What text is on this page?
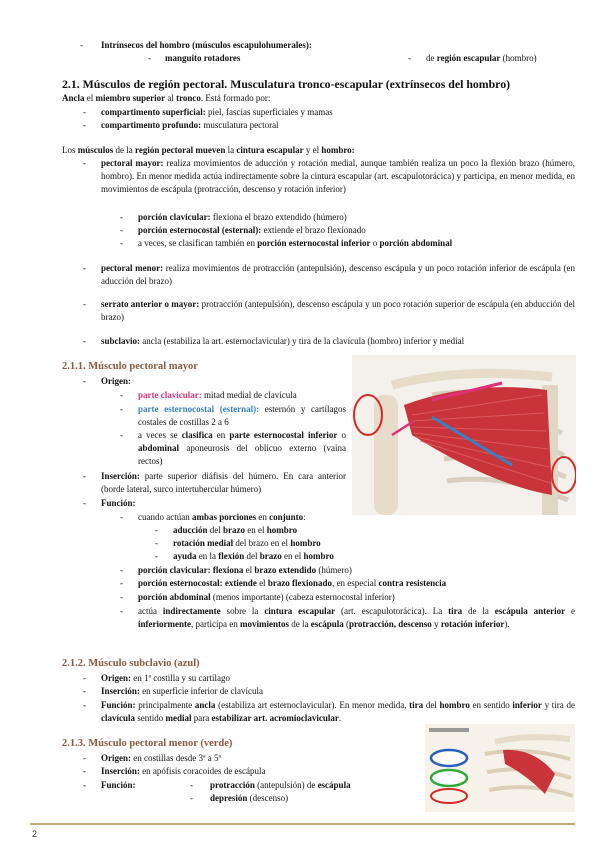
- Intrínsecos del hombro (músculos escapulohumerales):
- manguito rotadores	- de región escapular (hombro)
2.1. Músculos de región pectoral. Musculatura tronco-escapular (extrínsecos del hombro)
Ancla el miembro superior al tronco. Está formado por:
- compartimento superficial: piel, fascias superficiales y mamas
- compartimento profundo: musculatura pectoral
Los músculos de la región pectoral mueven la cintura escapular y el hombro:
- pectoral mayor: realiza movimientos de aducción y rotación medial, aunque también realiza un poco la flexión brazo (húmero, hombro). En menor medida actúa indirectamente sobre la cintura escapular (art. escapulotorácica) y participa, en menor medida, en movimientos de escápula (protracción, descenso y rotación inferior)
- porción clavicular: flexiona el brazo extendido (húmero)
- porción esternocostal (esternal): extiende el brazo flexionado
- a veces, se clasifican también en porción esternocostal inferior o porción abdominal
- pectoral menor: realiza movimientos de protracción (antepulsión), descenso escápula y un poco rotación inferior de escápula (en aducción del brazo)
- serrato anterior o mayor: protracción (antepulsión), descenso escápula y un poco rotación superior de escápula (en abducción del brazo)
- subclavio: ancla (estabiliza la art. esternoclavicular) y tira de la clavícula (hombro) inferior y medial
2.1.1. Músculo pectoral mayor
- Origen:
- parte clavicular: mitad medial de clavícula
- parte esternocostal (esternal): esternón y cartílagos costales de costillas 2 a 6
- a veces se clasifica en parte esternocostal inferior o abdominal aponeurosis del oblicuo externo (vaina rectos)
- Inserción: parte superior diáfisis del húmero. En cara anterior (borde lateral, surco intertubercular húmero)
- Función:
- cuando actúan ambas porciones en conjunto:
- aducción del brazo en el hombro
- rotación medial del brazo en el hombro
- ayuda en la flexión del brazo en el hombro
- porción clavicular: flexiona el brazo extendido (húmero)
- porción esternocostal: extiende el brazo flexionado, en especial contra resistencia
- porción abdominal (menos importante) (cabeza esternocostal inferior)
- actúa indirectamente sobre la cintura escapular (art. escapulotorácica). La tira de la escápula anterior e inferiormente, participa en movimientos de la escápula (protracción, descenso y rotación inferior).
2.1.2. Músculo subclavio (azul)
- Origen: en 1ª costilla y su cartílago
- Inserción: en superficie inferior de clavícula
- Función: principalmente ancla (estabiliza art esternoclavicular). En menor medida, tira del hombro en sentido inferior y tira de clavícula sentido medial para estabilizar art. acromioclavicular.
2.1.3. Músculo pectoral menor (verde)
- Origen: en costillas desde 3ª a 5ª
- Inserción: en apófisis coracoides de escápula
- Función:	- protracción (antepulsión) de escápula
- depresión (descenso)
2
